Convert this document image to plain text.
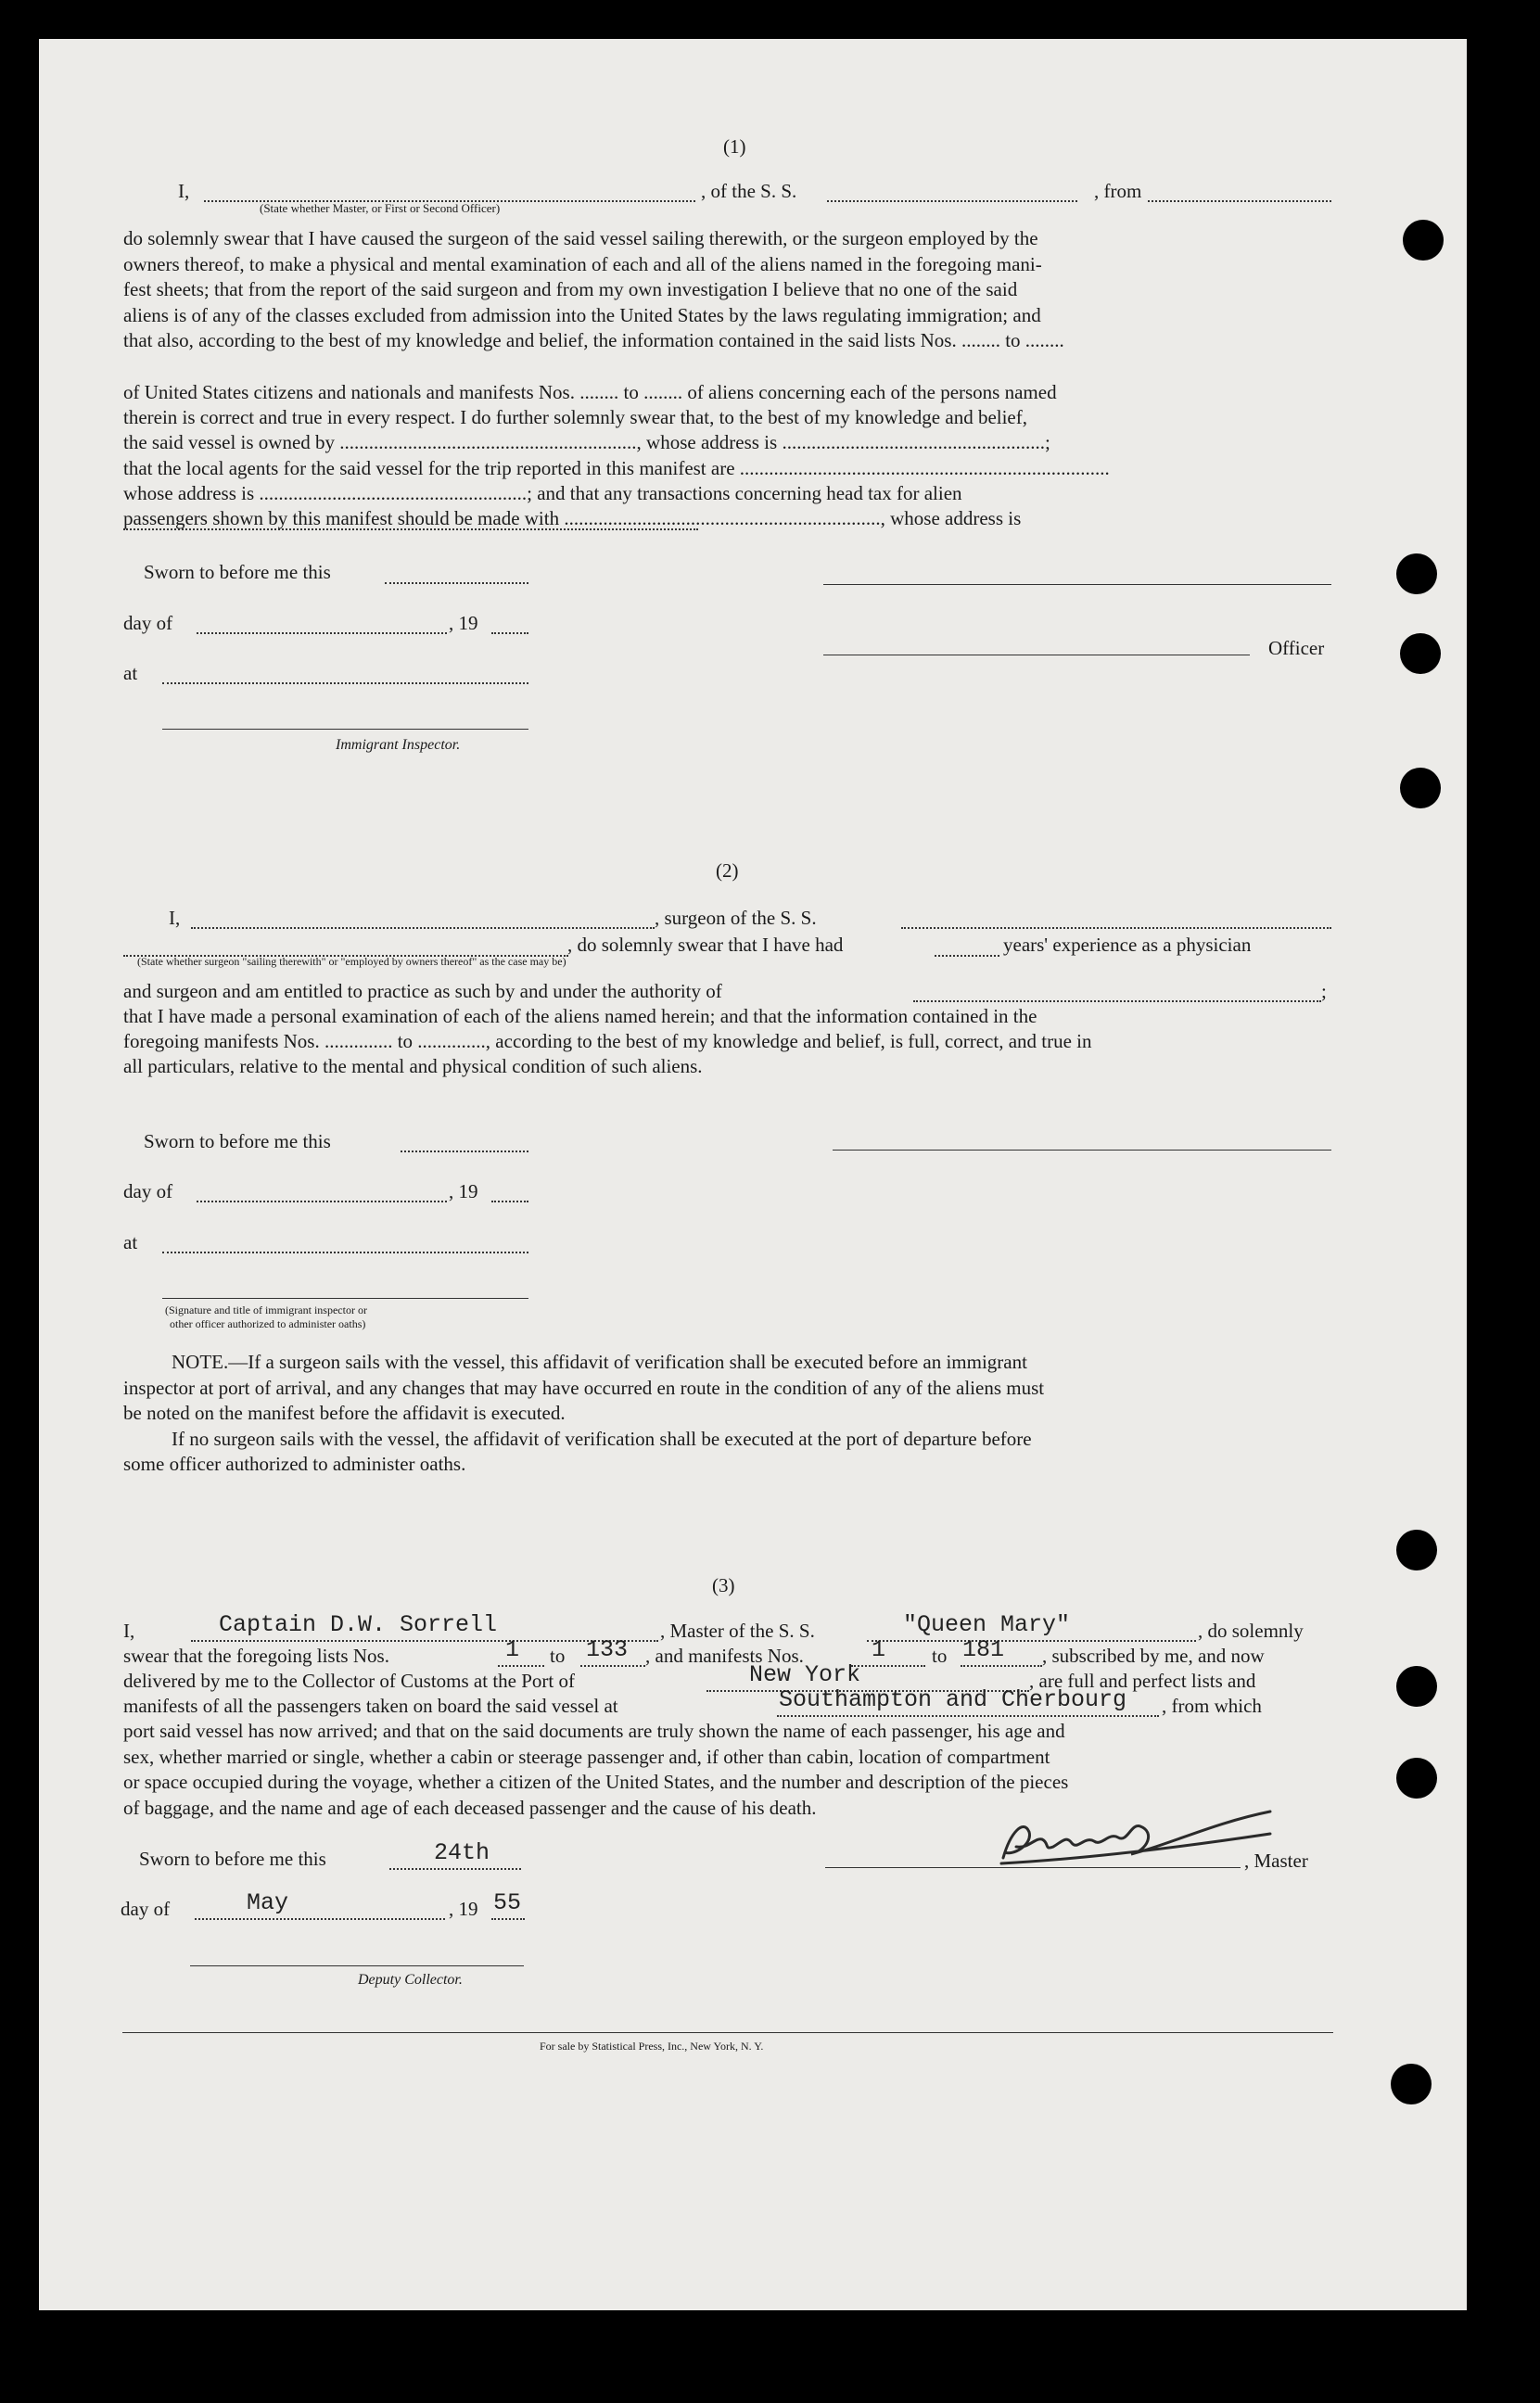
(1)
I,	, of the S. S.	, from
(State whether Master, or First or Second Officer)
do solemnly swear that I have caused the surgeon of the said vessel sailing therewith, or the surgeon employed by the
owners thereof, to make a physical and mental examination of each and all of the aliens named in the foregoing mani-
fest sheets; that from the report of the said surgeon and from my own investigation I believe that no one of the said
aliens is of any of the classes excluded from admission into the United States by the laws regulating immigration; and
that also, according to the best of my knowledge and belief, the information contained in the said lists Nos. ........ to ........

of United States citizens and nationals and manifests Nos. ........ to ........ of aliens concerning each of the persons named
therein is correct and true in every respect. I do further solemnly swear that, to the best of my knowledge and belief,
the said vessel is owned by ............................................................., whose address is ......................................................;
that the local agents for the said vessel for the trip reported in this manifest are ............................................................................
whose address is .......................................................; and that any transactions concerning head tax for alien
Sworn to before me this
day of	, 19
Officer
at
Immigrant Inspector.
(2)
I,	, surgeon of the S. S.
, do solemnly swear that I have had	years' experience as a physician
(State whether surgeon "sailing therewith" or "employed by owners thereof" as the case may be)
and surgeon and am entitled to practice as such by and under the authority of	;
that I have made a personal examination of each of the aliens named herein; and that the information contained in the
foregoing manifests Nos. .............. to .............., according to the best of my knowledge and belief, is full, correct, and true in
all particulars, relative to the mental and physical condition of such aliens.
Sworn to before me this
day of	, 19
at
(Signature and title of immigrant inspector or
other officer authorized to administer oaths)
NOTE.—If a surgeon sails with the vessel, this affidavit of verification shall be executed before an immigrant
inspector at port of arrival, and any changes that may have occurred en route in the condition of any of the aliens must
be noted on the manifest before the affidavit is executed.
If no surgeon sails with the vessel, the affidavit of verification shall be executed at the port of departure before
some officer authorized to administer oaths.
(3)
I,	Captain D.W. Sorrell	, Master of the S. S.	"Queen Mary"	, do solemnly
swear that the foregoing lists Nos.	1 to 133 , and manifests Nos.	1 to 181 , subscribed by me, and now
delivered by me to the Collector of Customs at the Port of	New York	, are full and perfect lists and
manifests of all the passengers taken on board the said vessel at	Southampton and Cherbourg , from which
port said vessel has now arrived; and that on the said documents are truly shown the name of each passenger, his age and
sex, whether married or single, whether a cabin or steerage passenger and, if other than cabin, location of compartment
or space occupied during the voyage, whether a citizen of the United States, and the number and description of the pieces
of baggage, and the name and age of each deceased passenger and the cause of his death.
Sworn to before me this	24th	, Master
day of	May	, 19 55
Deputy Collector.
For sale by Statistical Press, Inc., New York, N. Y.
passengers shown by this manifest should be made with ................................................................., whose address is
